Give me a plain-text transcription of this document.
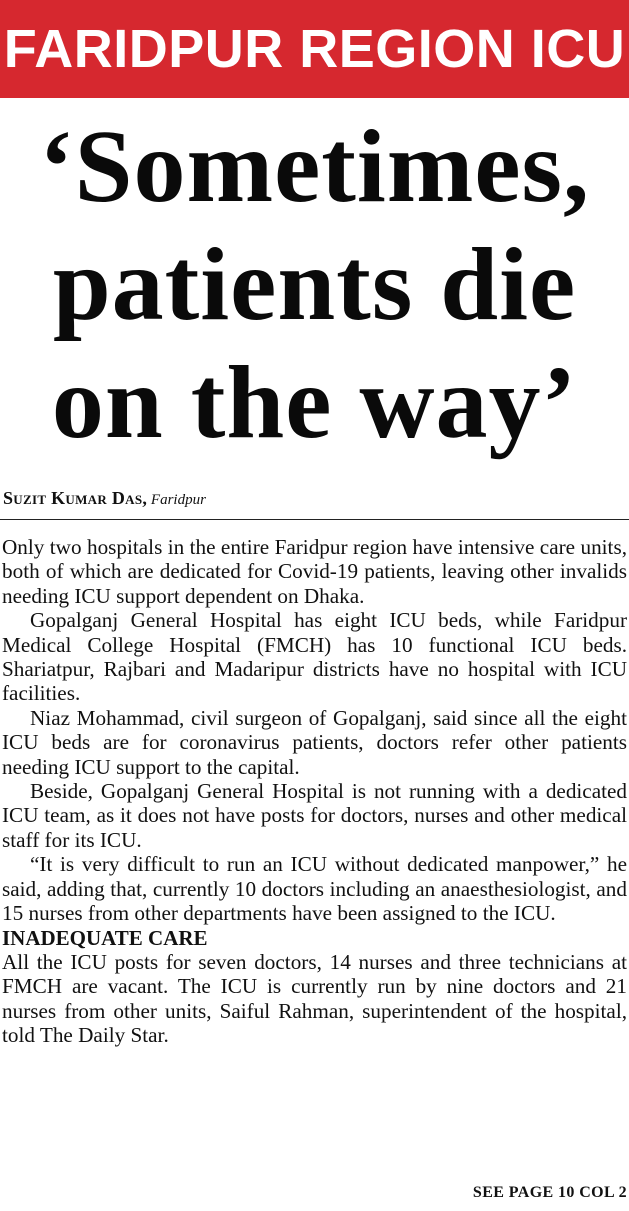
FARIDPUR REGION ICU
‘Sometimes,
patients die
on the way’
Suzit Kumar Das, Faridpur

Only two hospitals in the entire Faridpur region have intensive care units, both of which are dedicated for Covid-19 patients, leaving other invalids needing ICU support dependent on Dhaka.

Gopalganj General Hospital has eight ICU beds, while Faridpur Medical College Hospital (FMCH) has 10 functional ICU beds. Shariatpur, Rajbari and Madaripur districts have no hospital with ICU facilities.

Niaz Mohammad, civil surgeon of Gopalganj, said since all the eight ICU beds are for coronavirus patients, doctors refer other patients needing ICU support to the capital.

Beside, Gopalganj General Hospital is not running with a dedicated ICU team, as it does not have posts for doctors, nurses and other medical staff for its ICU.

“It is very difficult to run an ICU without dedicated manpower,” he said, adding that, currently 10 doctors including an anaesthesiologist, and 15 nurses from other departments have been assigned to the ICU.

INADEQUATE CARE

All the ICU posts for seven doctors, 14 nurses and three technicians at FMCH are vacant. The ICU is currently run by nine doctors and 21 nurses from other units, Saiful Rahman, superintendent of the hospital, told The Daily Star.

SEE PAGE 10 COL 2
